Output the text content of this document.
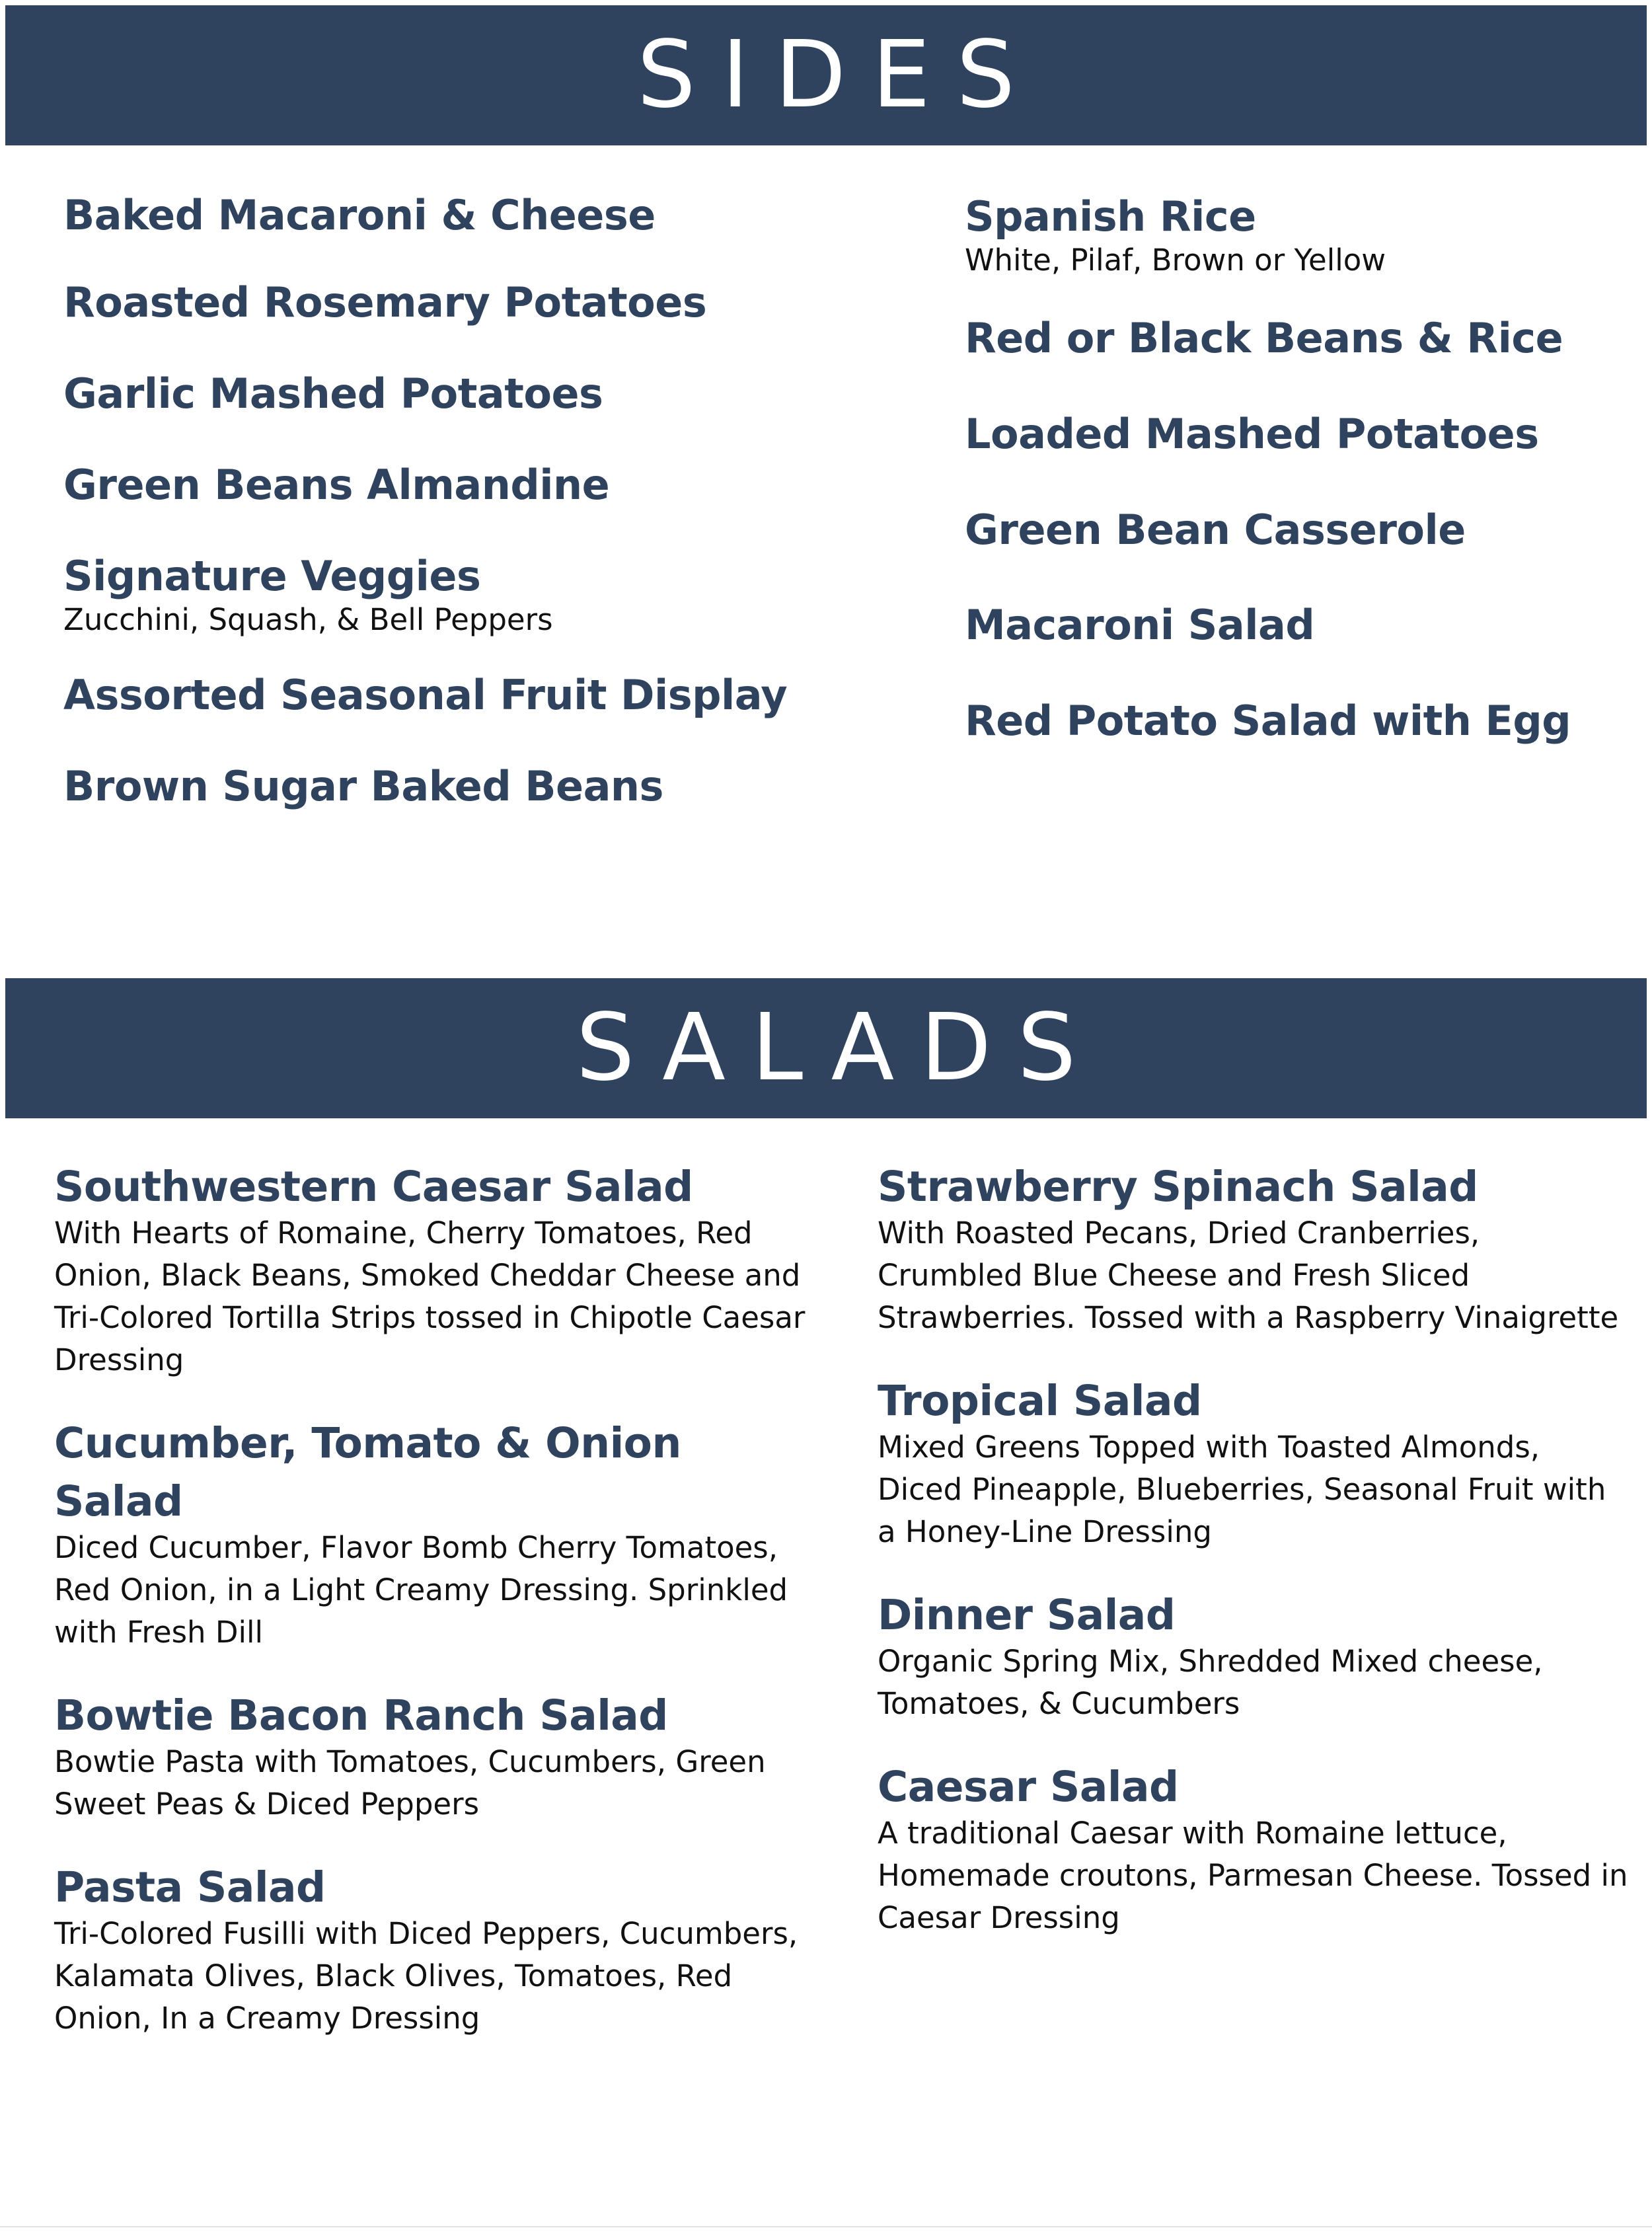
SIDES
Baked Macaroni & Cheese
Roasted Rosemary Potatoes
Garlic Mashed Potatoes
Green Beans Almandine
Signature Veggies
Zucchini, Squash, & Bell Peppers
Assorted Seasonal Fruit Display
Brown Sugar Baked Beans
Spanish Rice
White, Pilaf, Brown or Yellow
Red or Black Beans & Rice
Loaded Mashed Potatoes
Green Bean Casserole
Macaroni Salad
Red Potato Salad with Egg
SALADS
Southwestern Caesar Salad
With Hearts of Romaine, Cherry Tomatoes, Red Onion, Black Beans, Smoked Cheddar Cheese and Tri-Colored Tortilla Strips tossed in Chipotle Caesar Dressing
Cucumber, Tomato & Onion Salad
Diced Cucumber, Flavor Bomb Cherry Tomatoes, Red Onion, in a Light Creamy Dressing. Sprinkled with Fresh Dill
Bowtie Bacon Ranch Salad
Bowtie Pasta with Tomatoes, Cucumbers, Green Sweet Peas & Diced Peppers
Pasta Salad
Tri-Colored Fusilli with Diced Peppers, Cucumbers, Kalamata Olives, Black Olives, Tomatoes, Red Onion, In a Creamy Dressing
Strawberry Spinach Salad
With Roasted Pecans, Dried Cranberries, Crumbled Blue Cheese and Fresh Sliced Strawberries. Tossed with a Raspberry Vinaigrette
Tropical Salad
Mixed Greens Topped with Toasted Almonds, Diced Pineapple, Blueberries, Seasonal Fruit with a Honey-Line Dressing
Dinner Salad
Organic Spring Mix, Shredded Mixed cheese, Tomatoes, & Cucumbers
Caesar Salad
A traditional Caesar with Romaine lettuce, Homemade croutons, Parmesan Cheese. Tossed in Caesar Dressing
